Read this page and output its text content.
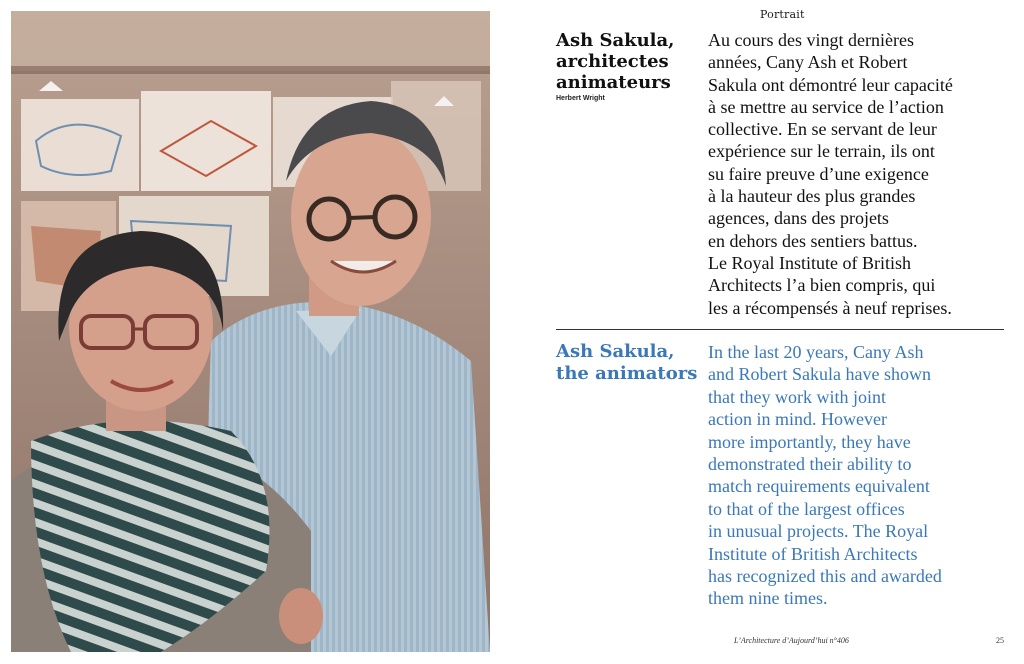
Portrait
Ash Sakula, architectes animateurs
Herbert Wright

Au cours des vingt dernières
années, Cany Ash et Robert
Sakula ont démontré leur capacité
à se mettre au service de l’action
collective. En se servant de leur
expérience sur le terrain, ils ont
su faire preuve d’une exigence
à la hauteur des plus grandes
agences, dans des projets
en dehors des sentiers battus.
Le Royal Institute of British
Architects l’a bien compris, qui
les a récompensés à neuf reprises.

Ash Sakula, the animators

In the last 20 years, Cany Ash
and Robert Sakula have shown
that they work with joint
action in mind. However
more importantly, they have
demonstrated their ability to
match requirements equivalent
to that of the largest offices
in unusual projects. The Royal
Institute of British Architects
has recognized this and awarded
them nine times.

L’Architecture d’Aujourd’hui n°406	25
